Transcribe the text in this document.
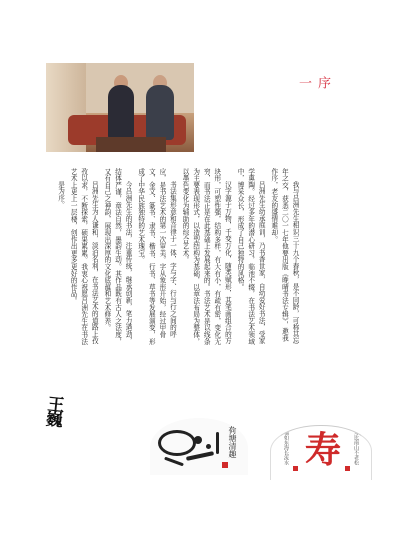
序
一

我与吕洲先生相识三十九个春秋，是不同龄，可称其忘年之交，获悉二〇一七年他要出版《晚晴书法专辑》，邀我作序，老友的盛情难却。

吕洲先生幼承庭训，乃书香世家，自幼爱好书法，受家学熏陶。经过多年的潜心研习，临池不辍，在书法艺术领域中，博采众长，形成了自己独特的风格。

汉字源于万物，千变万化，随类赋形，其笔画组合的方块形，可塑性强，结构多样，有大有小，有疏有密，变化无穷，而书法正是在此基础上发展起来的。书法艺术是以线条为主要表现形式，以造型结构为基础，以章法布局为整体，以墨色变化为辅助的综合艺术。

书法集形意和音律于一体，字与字、行与行之间的呼应，是书法艺术的第一次审美。字从象形开始，经过甲骨文、金文、篆书、隶书、楷书、行书、草书等发展演变，形成了中华民族独特的艺术瑰宝。

今吕洲先生的书法，注重传统，继承创新，笔力遒劲，结体严谨，章法自然，墨韵生动。其作品既有古人之法度，又有自己之神韵，展现出深厚的文化底蕴和艺术修养。

吕洲先生为人谦和，淡泊名利，在书法艺术的道路上孜孜以求，不断探索，硕果累累。我衷心祝愿吕洲先生在书法艺术上更上一层楼，创作出更多更好的作品。

是为序。

王巍
荷塘清趣	寿比南山不老松
福如东海长流水 寿
